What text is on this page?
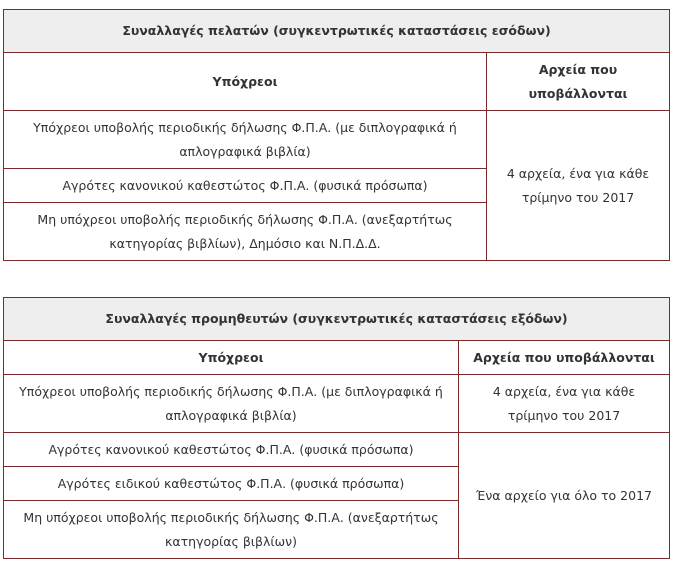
Συναλλαγές πελατών (συγκεντρωτικές καταστάσεις εσόδων)	
Υπόχρεοι	Αρχεία που υποβάλλονται
Υπόχρεοι υποβολής περιοδικής δήλωσης Φ.Π.Α. (με διπλογραφικά ή απλογραφικά βιβλία)	4 αρχεία, ένα για κάθε τρίμηνο του 2017
Αγρότες κανονικού καθεστώτος Φ.Π.Α. (φυσικά πρόσωπα)	
Μη υπόχρεοι υποβολής περιοδικής δήλωσης Φ.Π.Α. (ανεξαρτήτως κατηγορίας βιβλίων), Δημόσιο και Ν.Π.Δ.Δ.	
Συναλλαγές προμηθευτών (συγκεντρωτικές καταστάσεις εξόδων)	
Υπόχρεοι	Αρχεία που υποβάλλονται
Υπόχρεοι υποβολής περιοδικής δήλωσης Φ.Π.Α. (με διπλογραφικά ή απλογραφικά βιβλία)	4 αρχεία, ένα για κάθε τρίμηνο του 2017
Αγρότες κανονικού καθεστώτος Φ.Π.Α. (φυσικά πρόσωπα)	Ένα αρχείο για όλο το 2017
Αγρότες ειδικού καθεστώτος Φ.Π.Α. (φυσικά πρόσωπα)	
Μη υπόχρεοι υποβολής περιοδικής δήλωσης Φ.Π.Α. (ανεξαρτήτως κατηγορίας βιβλίων)	
